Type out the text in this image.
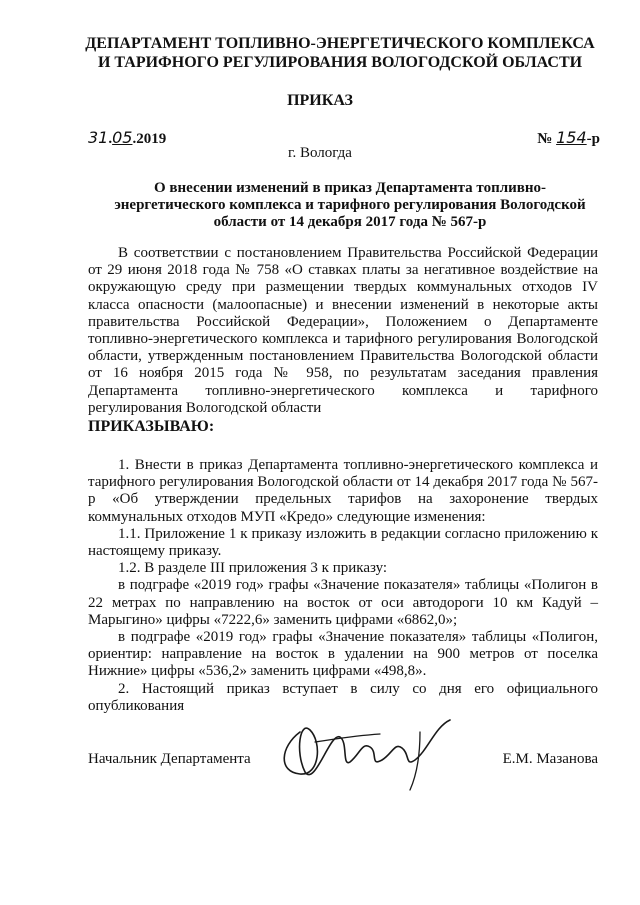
ДЕПАРТАМЕНТ ТОПЛИВНО-ЭНЕРГЕТИЧЕСКОГО КОМПЛЕКСА
И ТАРИФНОГО РЕГУЛИРОВАНИЯ ВОЛОГОДСКОЙ ОБЛАСТИ
ПРИКАЗ
31.05.2019	№ 154-р
г. Вологда
О внесении изменений в приказ Департамента топливно-
энергетического комплекса и тарифного регулирования Вологодской
области от 14 декабря 2017 года № 567-р

В соответствии с постановлением Правительства Российской Федерации от 29 июня 2018 года № 758 «О ставках платы за негативное воздействие на окружающую среду при размещении твердых коммунальных отходов IV класса опасности (малоопасные) и внесении изменений в некоторые акты правительства Российской Федерации», Положением о Департаменте топливно-энергетического комплекса и тарифного регулирования Вологодской области, утвержденным постановлением Правительства Вологодской области от 16 ноября 2015 года № 958, по результатам заседания правления Департамента топливно-энергетического комплекса и тарифного регулирования Вологодской области

ПРИКАЗЫВАЮ:

1. Внести в приказ Департамента топливно-энергетического комплекса и тарифного регулирования Вологодской области от 14 декабря 2017 года № 567-р «Об утверждении предельных тарифов на захоронение твердых коммунальных отходов МУП «Кредо» следующие изменения:

1.1. Приложение 1 к приказу изложить в редакции согласно приложению к настоящему приказу.

1.2. В разделе III приложения 3 к приказу:

в подграфе «2019 год» графы «Значение показателя» таблицы «Полигон в 22 метрах по направлению на восток от оси автодороги 10 км Кадуй – Марыгино» цифры «7222,6» заменить цифрами «6862,0»;

в подграфе «2019 год» графы «Значение показателя» таблицы «Полигон, ориентир: направление на восток в удалении на 900 метров от поселка Нижние» цифры «536,2» заменить цифрами «498,8».

2. Настоящий приказ вступает в силу со дня его официального опубликования

Начальник Департамента	Е.М. Мазанова
